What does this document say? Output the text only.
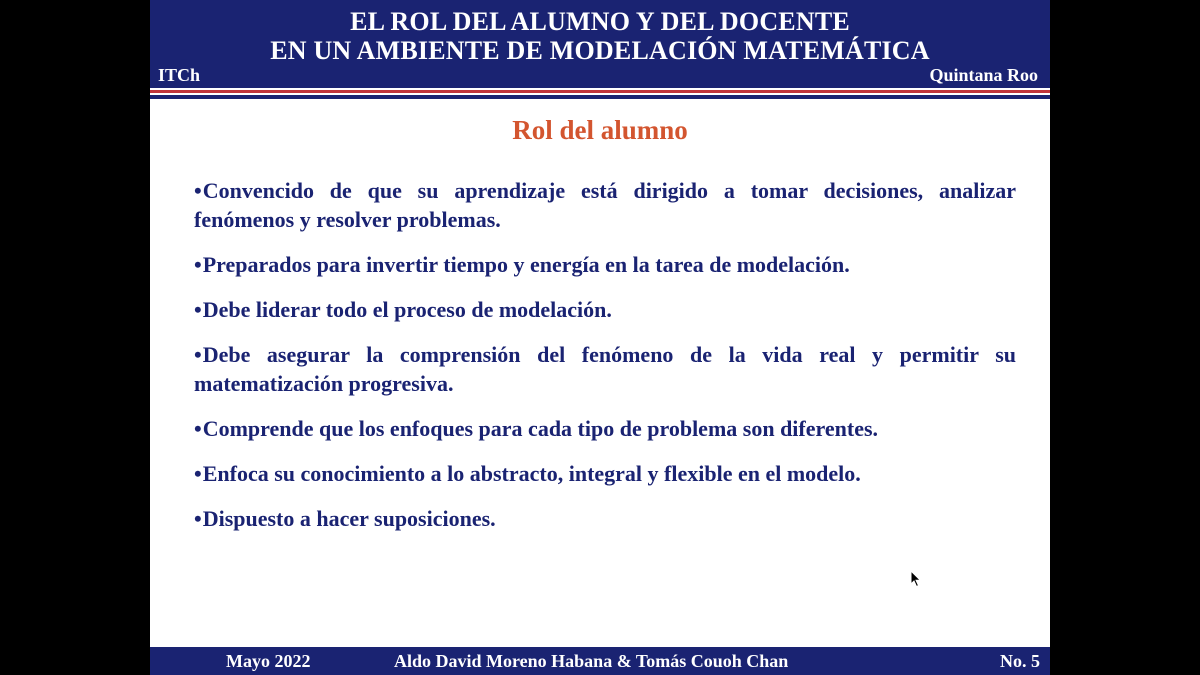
EL ROL DEL ALUMNO Y DEL DOCENTE
EN UN AMBIENTE DE MODELACIÓN MATEMÁTICA
ITCh	Quintana Roo
Rol del alumno
•Convencido de que su aprendizaje está dirigido a tomar decisiones, analizar fenómenos y resolver problemas.
•Preparados para invertir tiempo y energía en la tarea de modelación.
•Debe liderar todo el proceso de modelación.
•Debe asegurar la comprensión del fenómeno de la vida real y permitir su matematización progresiva.
•Comprende que los enfoques para cada tipo de problema son diferentes.
•Enfoca su conocimiento a lo abstracto, integral y flexible en el modelo.
•Dispuesto a hacer suposiciones.
Mayo 2022	Aldo David Moreno Habana & Tomás Couoh Chan	No. 5
